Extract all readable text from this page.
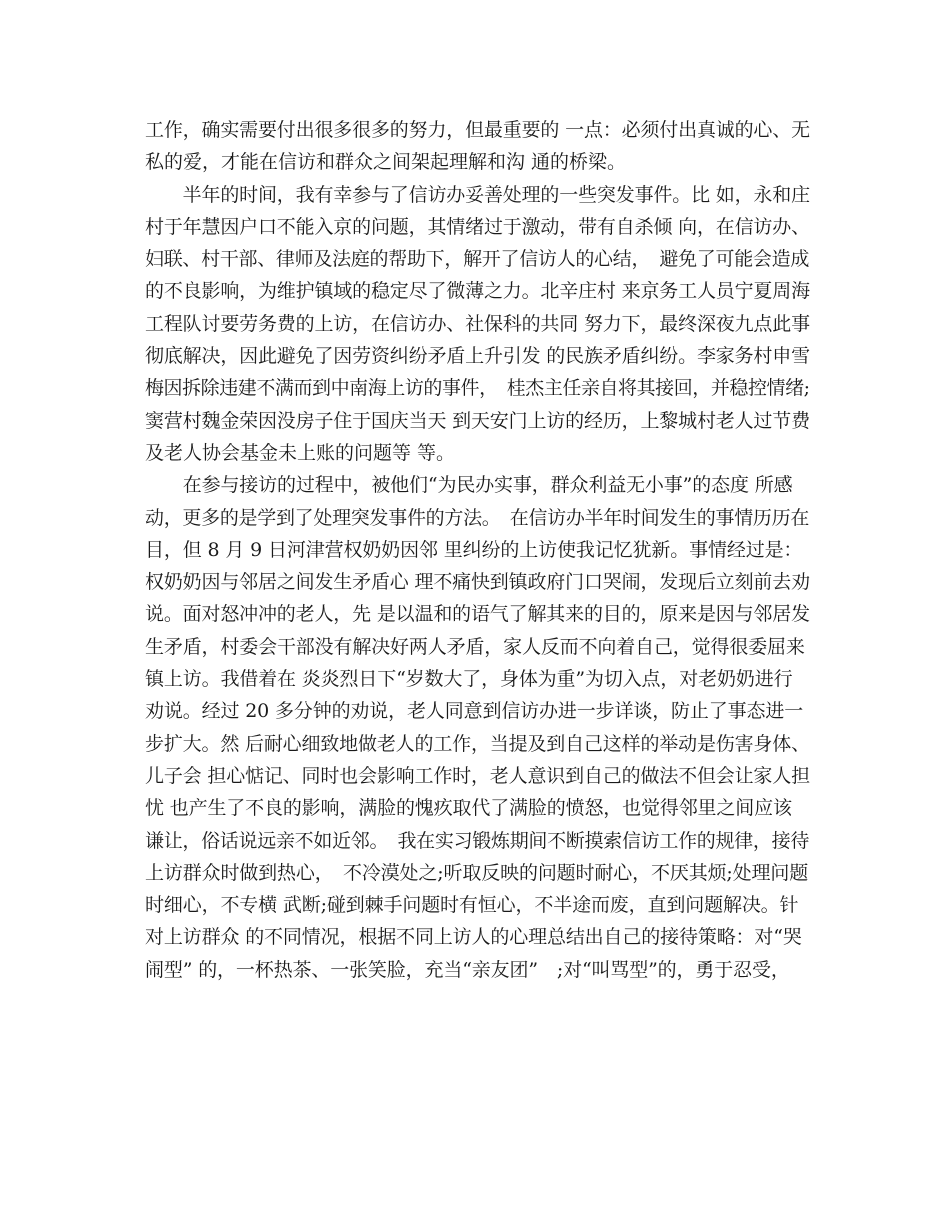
工作，确实需要付出很多很多的努力，但最重要的 一点：必须付出真诚的心、无
私的爱，才能在信访和群众之间架起理解和沟 通的桥梁。
　　半年的时间，我有幸参与了信访办妥善处理的一些突发事件。比 如，永和庄
村于年慧因户口不能入京的问题，其情绪过于激动，带有自杀倾 向，在信访办、
妇联、村干部、律师及法庭的帮助下，解开了信访人的心结，　避免了可能会造成
的不良影响，为维护镇域的稳定尽了微薄之力。北辛庄村 来京务工人员宁夏周海
工程队讨要劳务费的上访，在信访办、社保科的共同 努力下，最终深夜九点此事
彻底解决，因此避免了因劳资纠纷矛盾上升引发 的民族矛盾纠纷。李家务村申雪
梅因拆除违建不满而到中南海上访的事件，　桂杰主任亲自将其接回，并稳控情绪;
窦营村魏金荣因没房子住于国庆当天 到天安门上访的经历，上黎城村老人过节费
及老人协会基金未上账的问题等 等。
　　在参与接访的过程中，被他们“为民办实事，群众利益无小事”的态度 所感
动，更多的是学到了处理突发事件的方法。　在信访办半年时间发生的事情历历在
目，但 8 月 9 日河津营权奶奶因邻 里纠纷的上访使我记忆犹新。事情经过是：
权奶奶因与邻居之间发生矛盾心 理不痛快到镇政府门口哭闹，发现后立刻前去劝
说。面对怒冲冲的老人，先 是以温和的语气了解其来的目的，原来是因与邻居发
生矛盾，村委会干部没有解决好两人矛盾，家人反而不向着自己，觉得很委屈来
镇上访。我借着在 炎炎烈日下“岁数大了，身体为重”为切入点，对老奶奶进行
劝说。经过 20 多分钟的劝说，老人同意到信访办进一步详谈，防止了事态进一
步扩大。然 后耐心细致地做老人的工作，当提及到自己这样的举动是伤害身体、
儿子会 担心惦记、同时也会影响工作时，老人意识到自己的做法不但会让家人担
忧 也产生了不良的影响，满脸的愧疚取代了满脸的愤怒，也觉得邻里之间应该
谦让，俗话说远亲不如近邻。　我在实习锻炼期间不断摸索信访工作的规律，接待
上访群众时做到热心，　不冷漠处之;听取反映的问题时耐心，不厌其烦;处理问题
时细心，不专横 武断;碰到棘手问题时有恒心，不半途而废，直到问题解决。针
对上访群众 的不同情况，根据不同上访人的心理总结出自己的接待策略：对“哭
闹型” 的，一杯热茶、一张笑脸，充当“亲友团”　;对“叫骂型”的，勇于忍受，
